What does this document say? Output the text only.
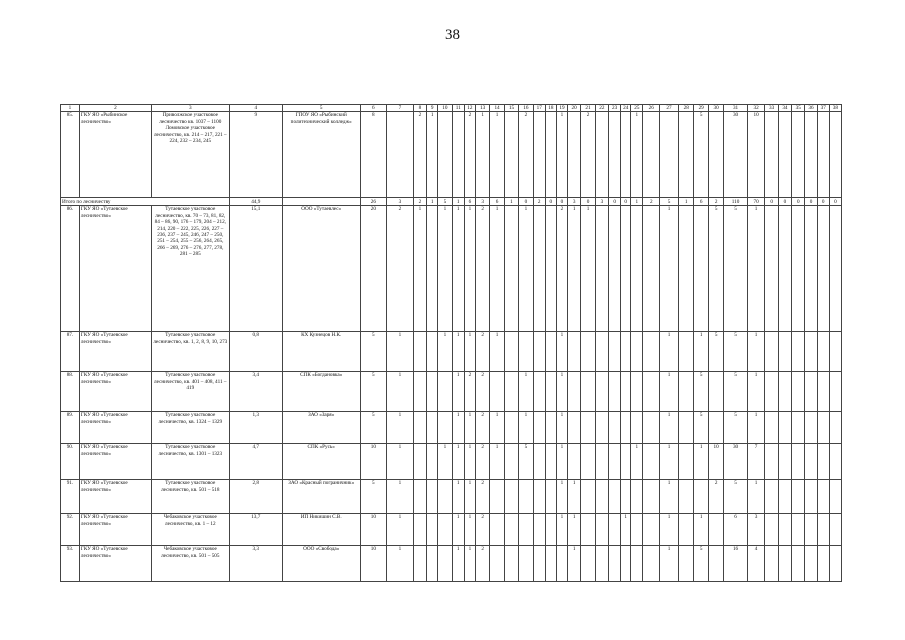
38
1	2	3	4	5	6	7	8	9	10	11	12	13	14	15	16	17	18	19	20	21	22	23	24	25	26	27	28	29	30	31	32	33	34	35	36	37	38
85.	ГКУ ЯО «Рыбинское лесничество»	Приволжское участковое лесничество кв. 1037 – 1100 Ломовское участковое лесничество, кв. 214 – 217, 221 – 224, 232 – 234, 245	9	ГПОУ ЯО «Рыбинский политехнический колледж»	8		2	1			2	1	1		2			1		2				1				5		30	10						
Итого по лесничеству			44,9		26	3	2	1	5	1	6	3	6	1	0	2	0	0	3	0	3	0	0	1	2	5	1	6	2	110	70	0	0	0	0	0	0
86.	ГКУ ЯО «Тутаевское лесничество»	Тутаевское участковое лесничество, кв. 70 – 73, 81, 82, 84 – 86, 90, 176 – 179, 204 – 212, 214, 220 – 222, 225, 226, 227 – 236, 237 – 245, 246, 247 – 250, 251 – 254, 255 – 256, 264, 265, 266 – 269, 276 – 276, 277, 278, 281 – 285	15,1	ООО «Тутаевлес»	20	2	1		1	1	1	2	1		1			2	1	1						1			5	5	1						
87.	ГКУ ЯО «Тутаевское лесничество»	Тутаевское участковое лесничество, кв. 1, 2, 8, 9, 10, 273	0,8	КХ Кузнецов Н.К.	5	1			1	1	1	2	1					1								1		1	5	5	1						
88.	ГКУ ЯО «Тутаевское лесничество»	Тутаевское участковое лесничество, кв. 401 – 408, 411 – 419	3,4	СПК «Богдановка»	5	1				1	2	2			1			1								1		5		5	1						
89.	ГКУ ЯО «Тутаевское лесничество»	Тутаевское участковое лесничество, кв. 1324 – 1329	1,3	ЗАО «Заря»	5	1				1	1	2	1		1			1								1		5		5	1						
90.	ГКУ ЯО «Тутаевское лесничество»	Тутаевское участковое лесничество, кв. 1301 – 1323	4,7	СПК «Русь»	10	1			1	1	1	2	1		5			1						1		1		1	10	30	7						
91.	ГКУ ЯО «Тутаевское лесничество»	Тутаевское участковое лесничество, кв. 501 – 518	2,8	ЗАО «Красный пограничник»	5	1				1	1	2						1	1							1			2	5	1						
92.	ГКУ ЯО «Тутаевское лесничество»	Чебаковское участковое лесничество, кв. 1 – 12	13,7	ИП Никишин С.В.	10	1				1	1	2						1	1				1			1		1		6	3						
93.	ГКУ ЯО «Тутаевское лесничество»	Чебаковское участковое лесничество, кв. 501 – 505	3,3	ООО «Свобода»	10	1				1	1	2							1							1		5		16	4						
